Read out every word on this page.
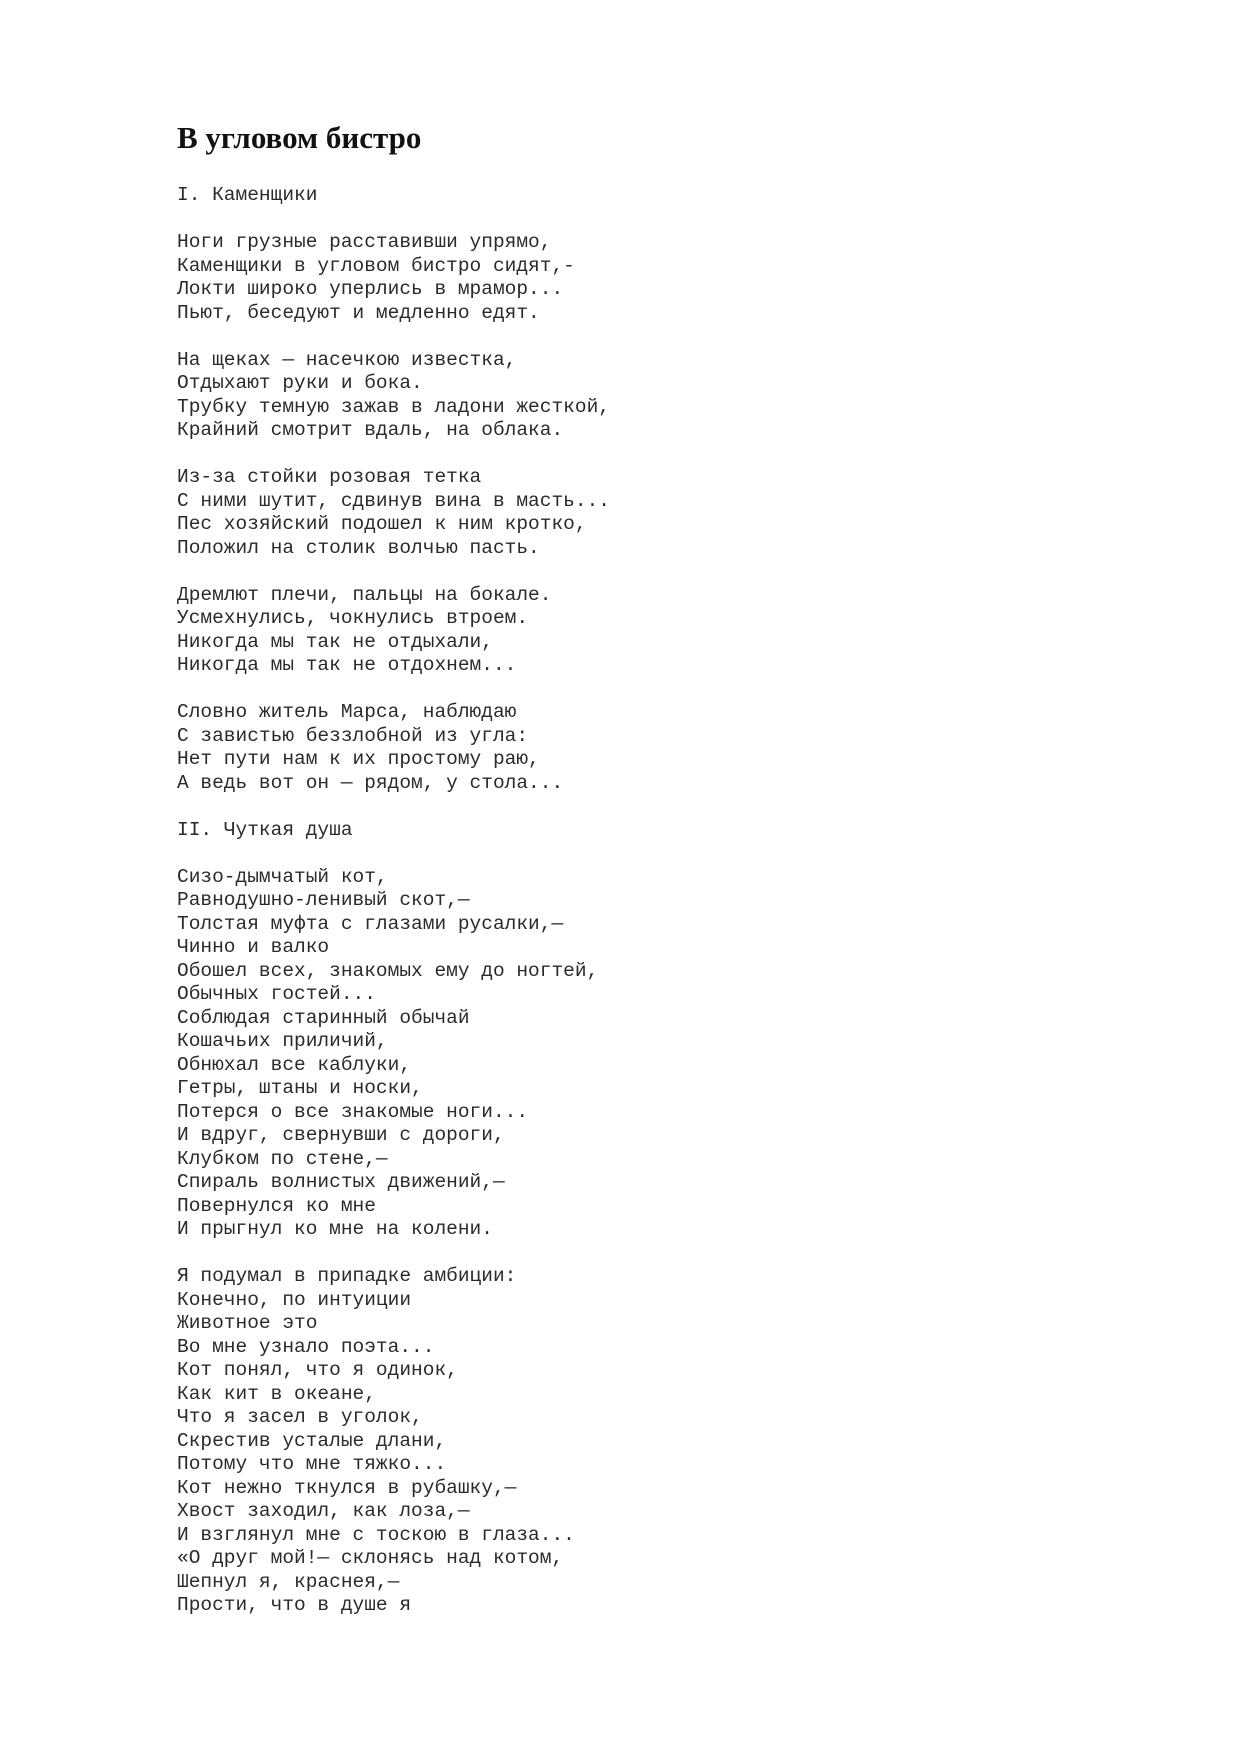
В угловом бистро
I. Каменщики
Ноги грузные расставивши упрямо,
Каменщики в угловом бистро сидят,-
Локти широко уперлись в мрамор...
Пьют, беседуют и медленно едят.
На щеках — насечкою известка,
Отдыхают руки и бока.
Трубку темную зажав в ладони жесткой,
Крайний смотрит вдаль, на облака.
Из-за стойки розовая тетка
С ними шутит, сдвинув вина в масть...
Пес хозяйский подошел к ним кротко,
Положил на столик волчью пасть.
Дремлют плечи, пальцы на бокале.
Усмехнулись, чокнулись втроем.
Никогда мы так не отдыхали,
Никогда мы так не отдохнем...
Словно житель Марса, наблюдаю
С завистью беззлобной из угла:
Нет пути нам к их простому раю,
А ведь вот он — рядом, у стола...
II. Чуткая душа
Сизо-дымчатый кот,
Равнодушно-ленивый скот,—
Толстая муфта с глазами русалки,—
Чинно и валко
Обошел всех, знакомых ему до ногтей,
Обычных гостей...
Соблюдая старинный обычай
Кошачьих приличий,
Обнюхал все каблуки,
Гетры, штаны и носки,
Потерся о все знакомые ноги...
И вдруг, свернувши с дороги,
Клубком по стене,—
Спираль волнистых движений,—
Повернулся ко мне
И прыгнул ко мне на колени.
Я подумал в припадке амбиции:
Конечно, по интуиции
Животное это
Во мне узнало поэта...
Кот понял, что я одинок,
Как кит в океане,
Что я засел в уголок,
Скрестив усталые длани,
Потому что мне тяжко...
Кот нежно ткнулся в рубашку,—
Хвост заходил, как лоза,—
И взглянул мне с тоскою в глаза...
«О друг мой!— склонясь над котом,
Шепнул я, краснея,—
Прости, что в душе я
